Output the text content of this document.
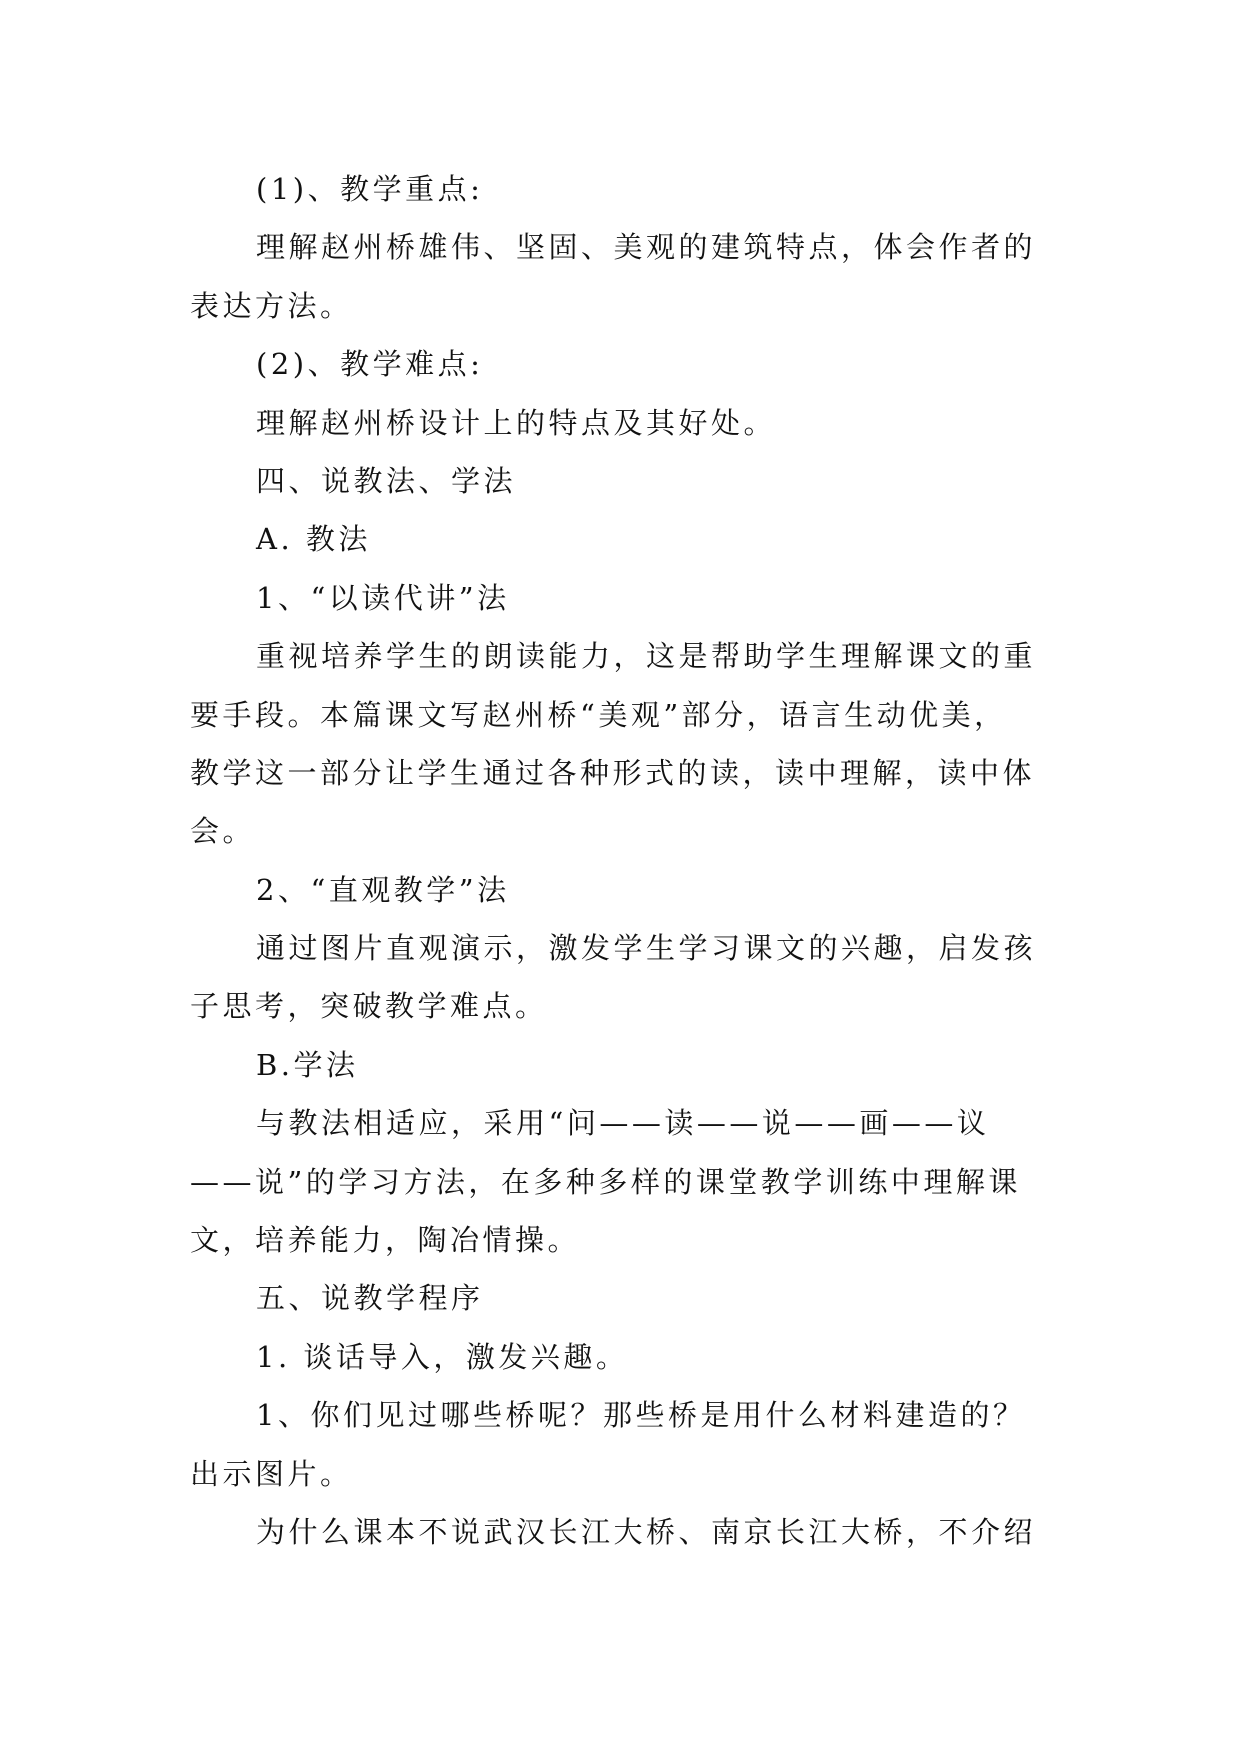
(1)、教学重点:

理解赵州桥雄伟、坚固、美观的建筑特点，体会作者的

表达方法。

(2)、教学难点:

理解赵州桥设计上的特点及其好处。

四、说教法、学法

A. 教法

1、“以读代讲”法

重视培养学生的朗读能力，这是帮助学生理解课文的重

要手段。本篇课文写赵州桥“美观”部分，语言生动优美，

教学这一部分让学生通过各种形式的读，读中理解，读中体

会。

2、“直观教学”法

通过图片直观演示，激发学生学习课文的兴趣，启发孩

子思考，突破教学难点。

B.学法

与教法相适应，采用“问——读——说——画——议

——说”的学习方法，在多种多样的课堂教学训练中理解课

文，培养能力，陶冶情操。

五、说教学程序

1. 谈话导入，激发兴趣。

1、你们见过哪些桥呢？那些桥是用什么材料建造的？

出示图片。

为什么课本不说武汉长江大桥、南京长江大桥，不介绍
